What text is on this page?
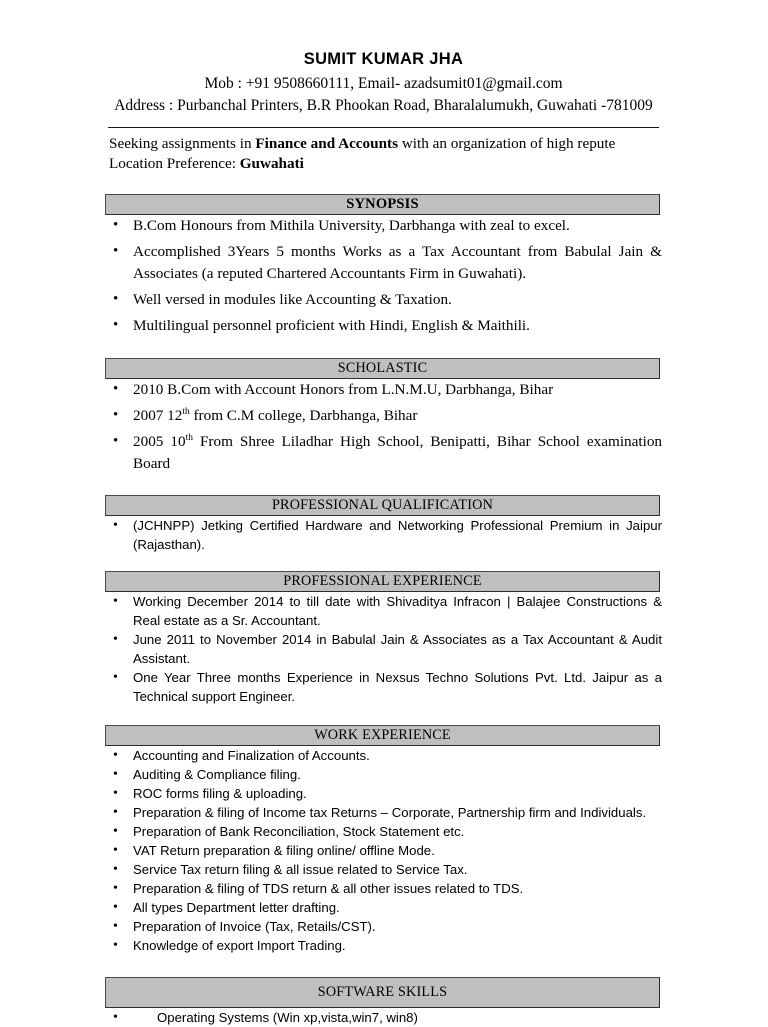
SUMIT KUMAR JHA
Mob : +91 9508660111, Email- azadsumit01@gmail.com
Address : Purbanchal Printers, B.R Phookan Road, Bharalalumukh, Guwahati -781009
Seeking assignments in Finance and Accounts with an organization of high repute
Location Preference: Guwahati
SYNOPSIS
• B.Com Honours from Mithila University, Darbhanga with zeal to excel.
• Accomplished 3Years 5 months Works as a Tax Accountant from Babulal Jain & Associates (a reputed Chartered Accountants Firm in Guwahati).
• Well versed in modules like Accounting & Taxation.
• Multilingual personnel proficient with Hindi, English & Maithili.
SCHOLASTIC
• 2010 B.Com with Account Honors from L.N.M.U, Darbhanga, Bihar
• 2007 12th from C.M college, Darbhanga, Bihar
• 2005 10th From Shree Liladhar High School, Benipatti, Bihar School examination Board
PROFESSIONAL QUALIFICATION
• (JCHNPP) Jetking Certified Hardware and Networking Professional Premium in Jaipur (Rajasthan).
PROFESSIONAL EXPERIENCE
• Working December 2014 to till date with Shivaditya Infracon | Balajee Constructions & Real estate as a Sr. Accountant.
• June 2011 to November 2014 in Babulal Jain & Associates as a Tax Accountant & Audit Assistant.
• One Year Three months Experience in Nexsus Techno Solutions Pvt. Ltd. Jaipur as a Technical support Engineer.
WORK EXPERIENCE
• Accounting and Finalization of Accounts.
• Auditing & Compliance filing.
• ROC forms filing & uploading.
• Preparation & filing of Income tax Returns – Corporate, Partnership firm and Individuals.
• Preparation of Bank Reconciliation, Stock Statement etc.
• VAT Return preparation & filing online/ offline Mode.
• Service Tax return filing & all issue related to Service Tax.
• Preparation & filing of TDS return & all other issues related to TDS.
• All types Department letter drafting.
• Preparation of Invoice (Tax, Retails/CST).
• Knowledge of export Import Trading.
SOFTWARE SKILLS
• Operating Systems (Win xp,vista,win7, win8)
